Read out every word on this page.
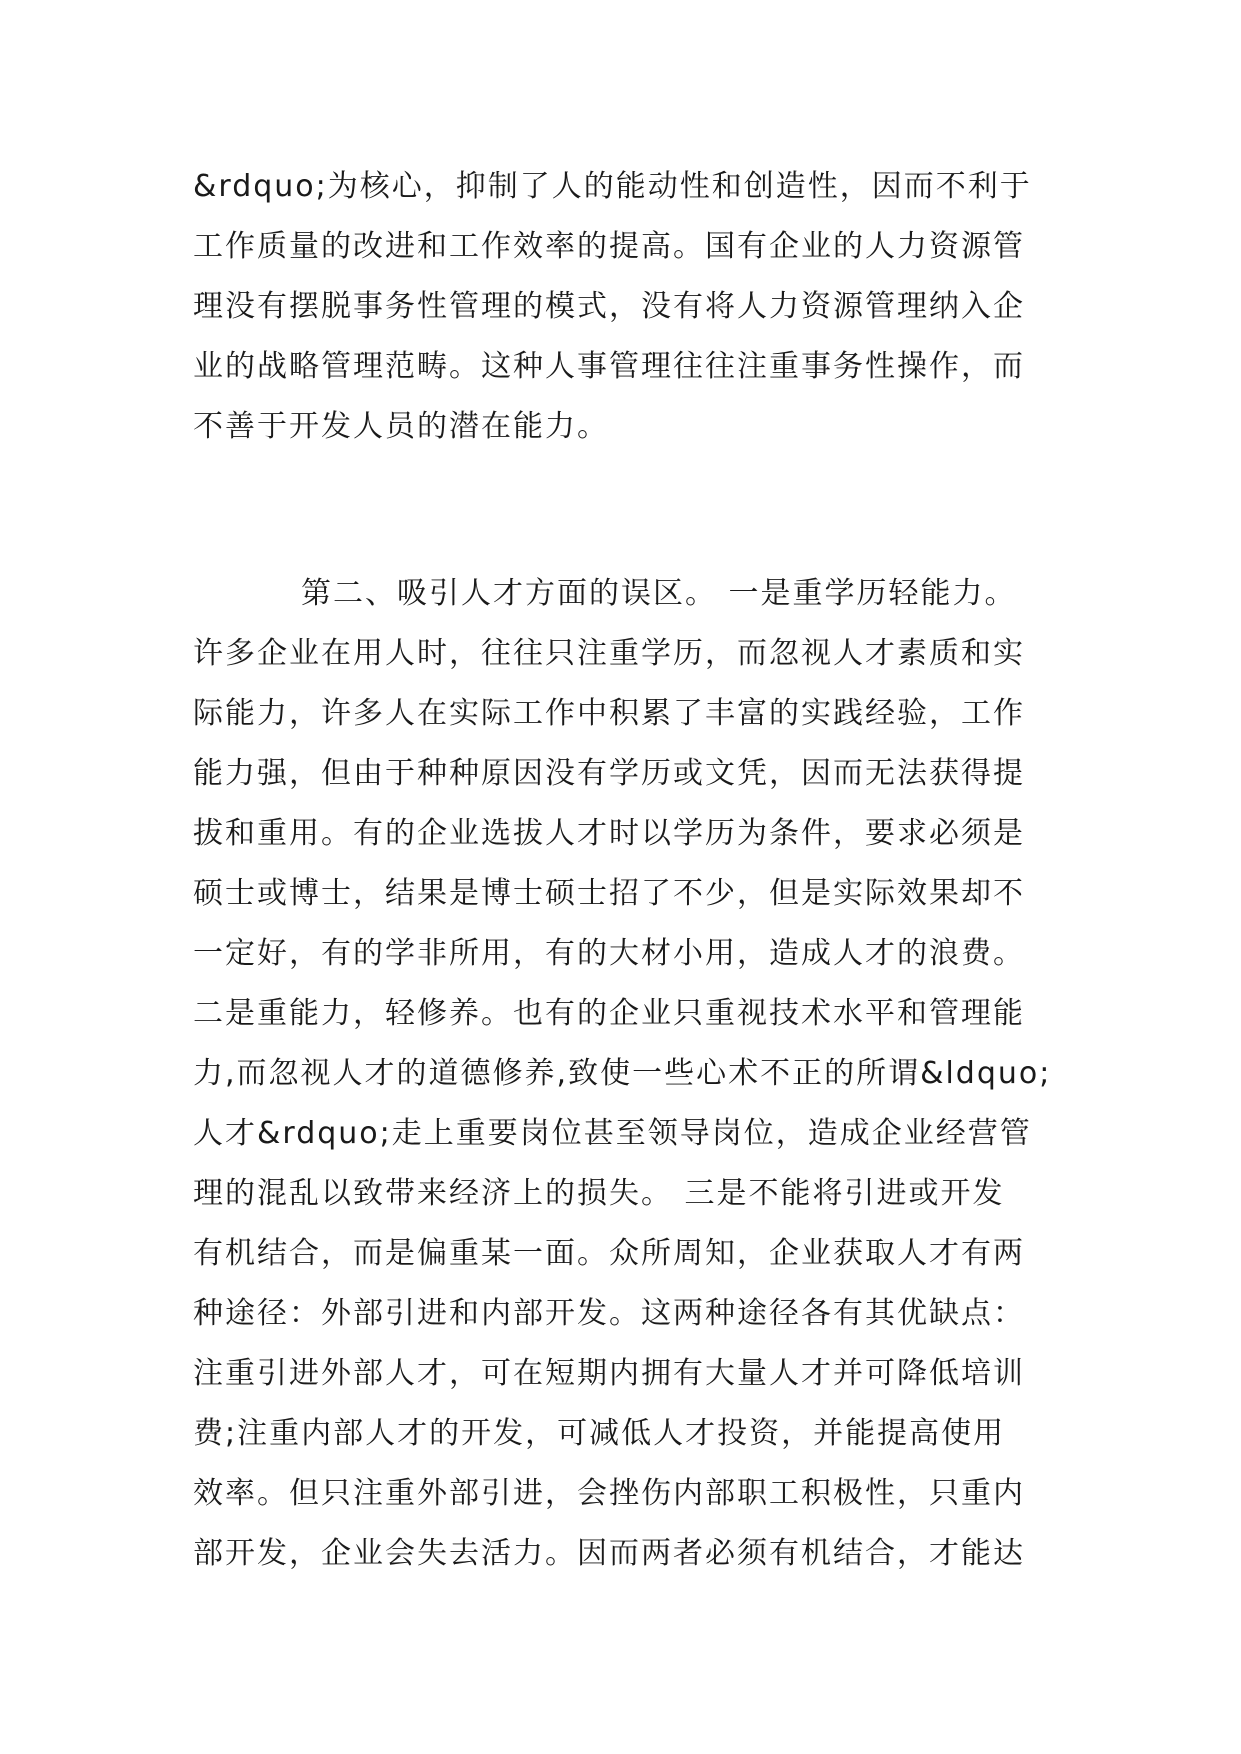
&rdquo;为核心，抑制了人的能动性和创造性，因而不利于
工作质量的改进和工作效率的提高。国有企业的人力资源管
理没有摆脱事务性管理的模式，没有将人力资源管理纳入企
业的战略管理范畴。这种人事管理往往注重事务性操作，而
不善于开发人员的潜在能力。
第二、吸引人才方面的误区。 一是重学历轻能力。
许多企业在用人时，往往只注重学历，而忽视人才素质和实
际能力，许多人在实际工作中积累了丰富的实践经验，工作
能力强，但由于种种原因没有学历或文凭，因而无法获得提
拔和重用。有的企业选拔人才时以学历为条件，要求必须是
硕士或博士，结果是博士硕士招了不少，但是实际效果却不
一定好，有的学非所用，有的大材小用，造成人才的浪费。
二是重能力，轻修养。也有的企业只重视技术水平和管理能
力,而忽视人才的道德修养,致使一些心术不正的所谓&ldquo;
人才&rdquo;走上重要岗位甚至领导岗位，造成企业经营管
理的混乱以致带来经济上的损失。 三是不能将引进或开发
有机结合，而是偏重某一面。众所周知，企业获取人才有两
种途径：外部引进和内部开发。这两种途径各有其优缺点：
注重引进外部人才，可在短期内拥有大量人才并可降低培训
费;注重内部人才的开发，可减低人才投资，并能提高使用
效率。但只注重外部引进，会挫伤内部职工积极性，只重内
部开发，企业会失去活力。因而两者必须有机结合，才能达
